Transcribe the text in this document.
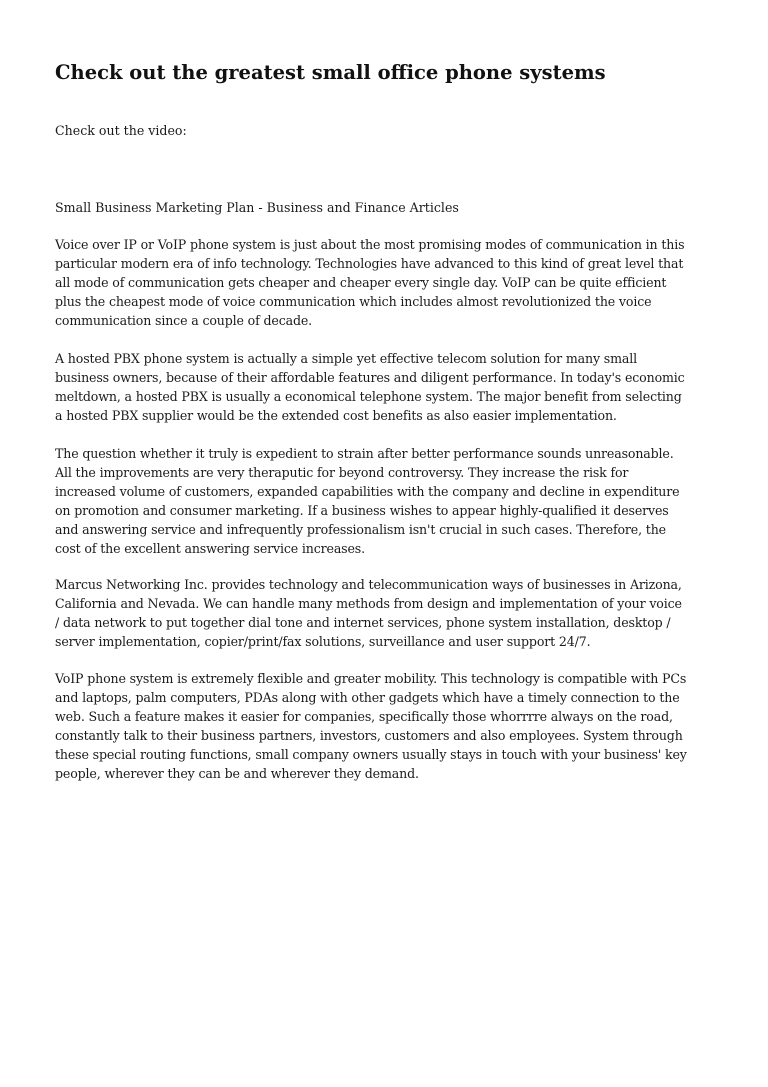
Check out the greatest small office phone systems

Check out the video:

Small Business Marketing Plan - Business and Finance Articles

Voice over IP or VoIP phone system is just about the most promising modes of communication in this
particular modern era of info technology. Technologies have advanced to this kind of great level that
all mode of communication gets cheaper and cheaper every single day. VoIP can be quite efficient
plus the cheapest mode of voice communication which includes almost revolutionized the voice
communication since a couple of decade.

A hosted PBX phone system is actually a simple yet effective telecom solution for many small
business owners, because of their affordable features and diligent performance. In today's economic
meltdown, a hosted PBX is usually a economical telephone system. The major benefit from selecting
a hosted PBX supplier would be the extended cost benefits as also easier implementation.

The question whether it truly is expedient to strain after better performance sounds unreasonable.
All the improvements are very theraputic for beyond controversy. They increase the risk for
increased volume of customers, expanded capabilities with the company and decline in expenditure
on promotion and consumer marketing. If a business wishes to appear highly-qualified it deserves
and answering service and infrequently professionalism isn't crucial in such cases. Therefore, the
cost of the excellent answering service increases.

Marcus Networking Inc. provides technology and telecommunication ways of businesses in Arizona,
California and Nevada. We can handle many methods from design and implementation of your voice
/ data network to put together dial tone and internet services, phone system installation, desktop /
server implementation, copier/print/fax solutions, surveillance and user support 24/7.

VoIP phone system is extremely flexible and greater mobility. This technology is compatible with PCs
and laptops, palm computers, PDAs along with other gadgets which have a timely connection to the
web. Such a feature makes it easier for companies, specifically those whorrrre always on the road,
constantly talk to their business partners, investors, customers and also employees. System through
these special routing functions, small company owners usually stays in touch with your business' key
people, wherever they can be and wherever they demand.
